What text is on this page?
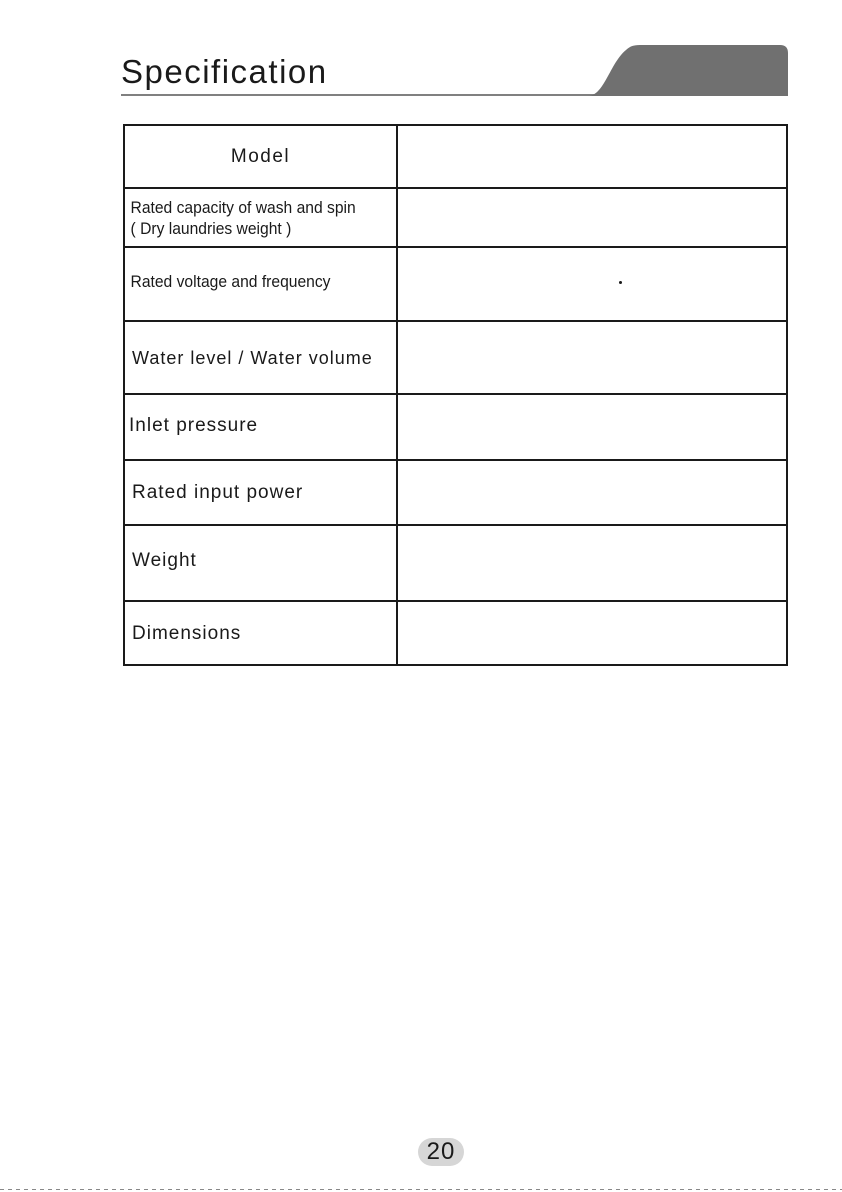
Specification
Model
Rated capacity of wash and spin
( Dry laundries weight )
Rated voltage and frequency
Water level / Water volume
Inlet pressure
Rated input power
Weight
Dimensions
20
